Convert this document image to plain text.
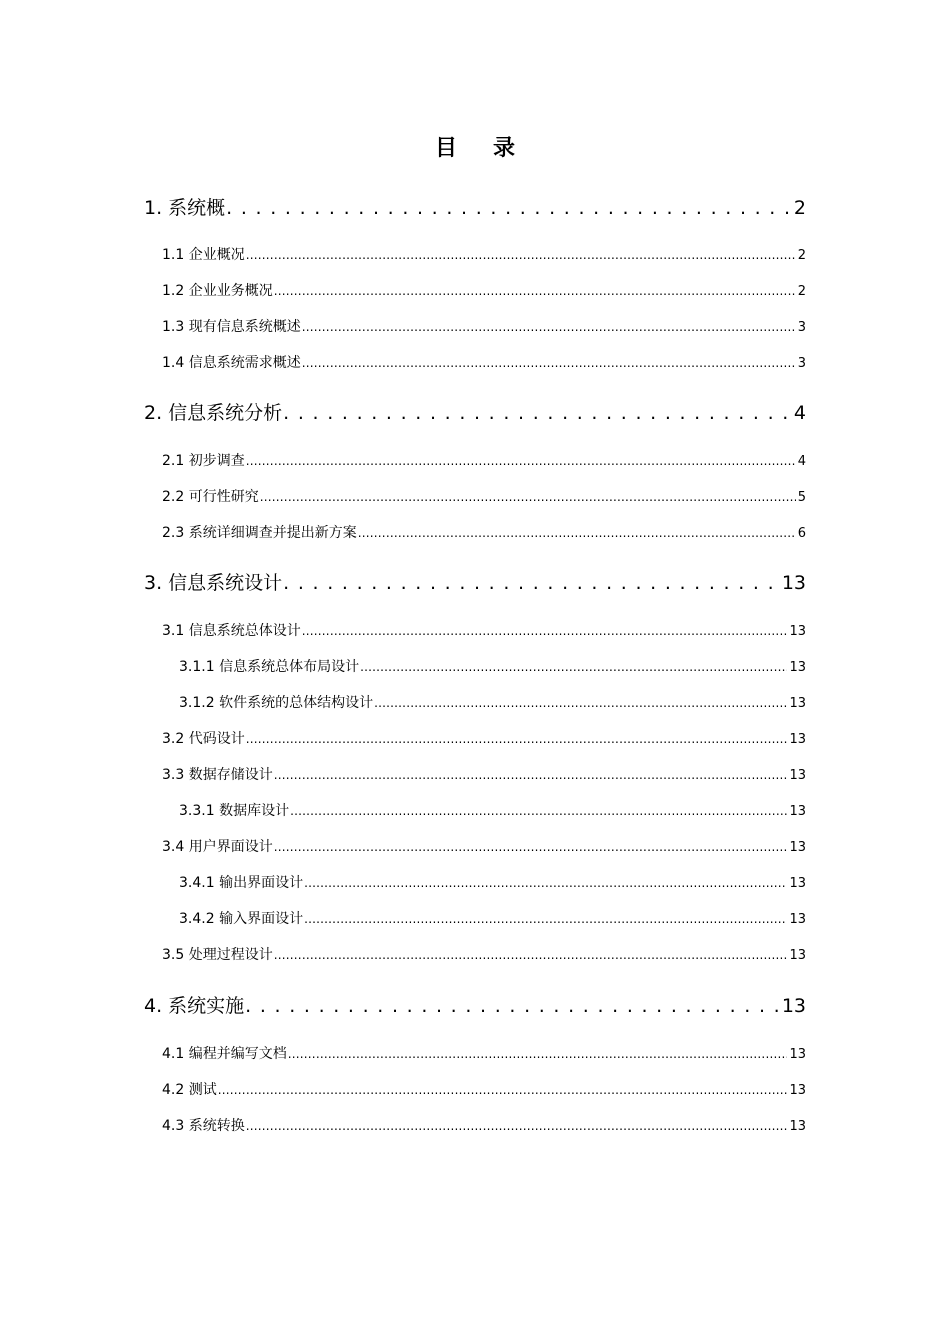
目 录
1. 系统概 . . .	2
1.1 企业概况 .....	2
1.2 企业业务概况 .....	2
1.3 现有信息系统概述 .....	3
1.4 信息系统需求概述 .....	3
2. 信息系统分析 . . .	4
2.1 初步调查 .....	4
2.2 可行性研究 .....	5
2.3 系统详细调查并提出新方案 .....	6
3. 信息系统设计 . . .	13
3.1 信息系统总体设计 .....	13
3.1.1 信息系统总体布局设计 .....	13
3.1.2 软件系统的总体结构设计 .....	13
3.2 代码设计 .....	13
3.3 数据存储设计 .....	13
3.3.1 数据库设计 .....	13
3.4 用户界面设计 .....	13
3.4.1 输出界面设计 .....	13
3.4.2 输入界面设计 .....	13
3.5 处理过程设计 .....	13
4. 系统实施 . . .	13
4.1 编程并编写文档 .....	13
4.2 测试 .....	13
4.3 系统转换 .....	13
